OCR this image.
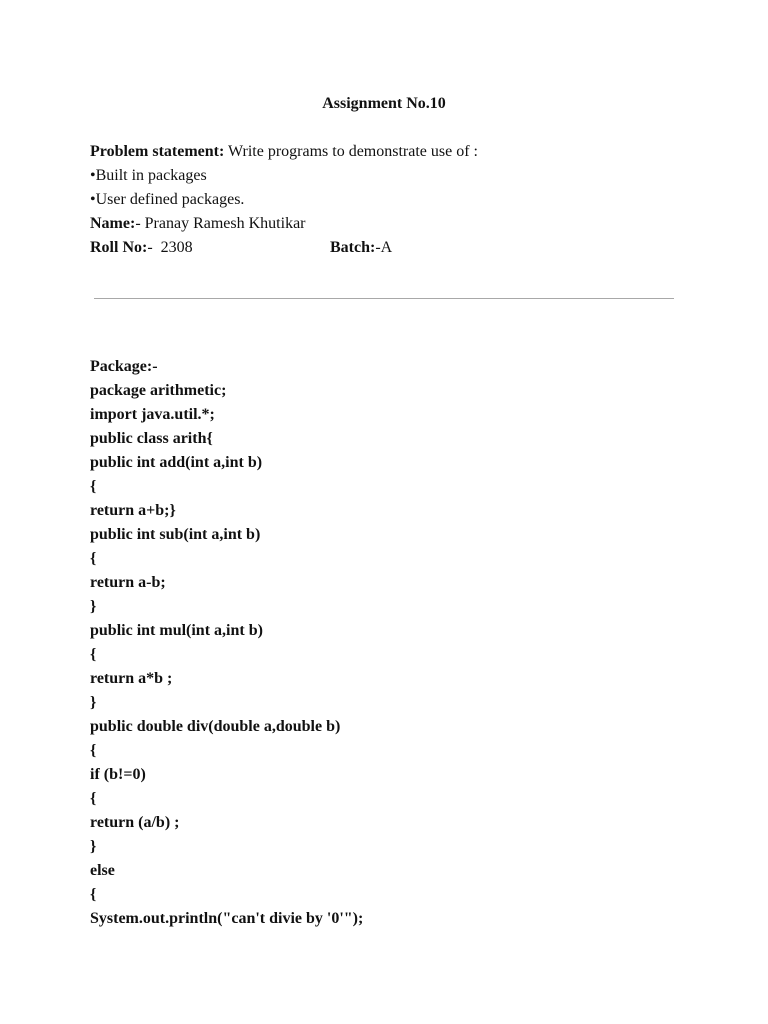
Assignment No.10
Problem statement: Write programs to demonstrate use of :
•Built in packages
•User defined packages.
Name:- Pranay Ramesh Khutikar
Roll No:-  2308	Batch:-A
Package:-
package arithmetic;
import java.util.*;
public class arith{
public int add(int a,int b)
{
return a+b;}
public int sub(int a,int b)
{
return a-b;
}
public int mul(int a,int b)
{
return a*b ;
}
public double div(double a,double b)
{
if (b!=0)
{
return (a/b) ;
}
else
{
System.out.println("can't divie by '0'");
